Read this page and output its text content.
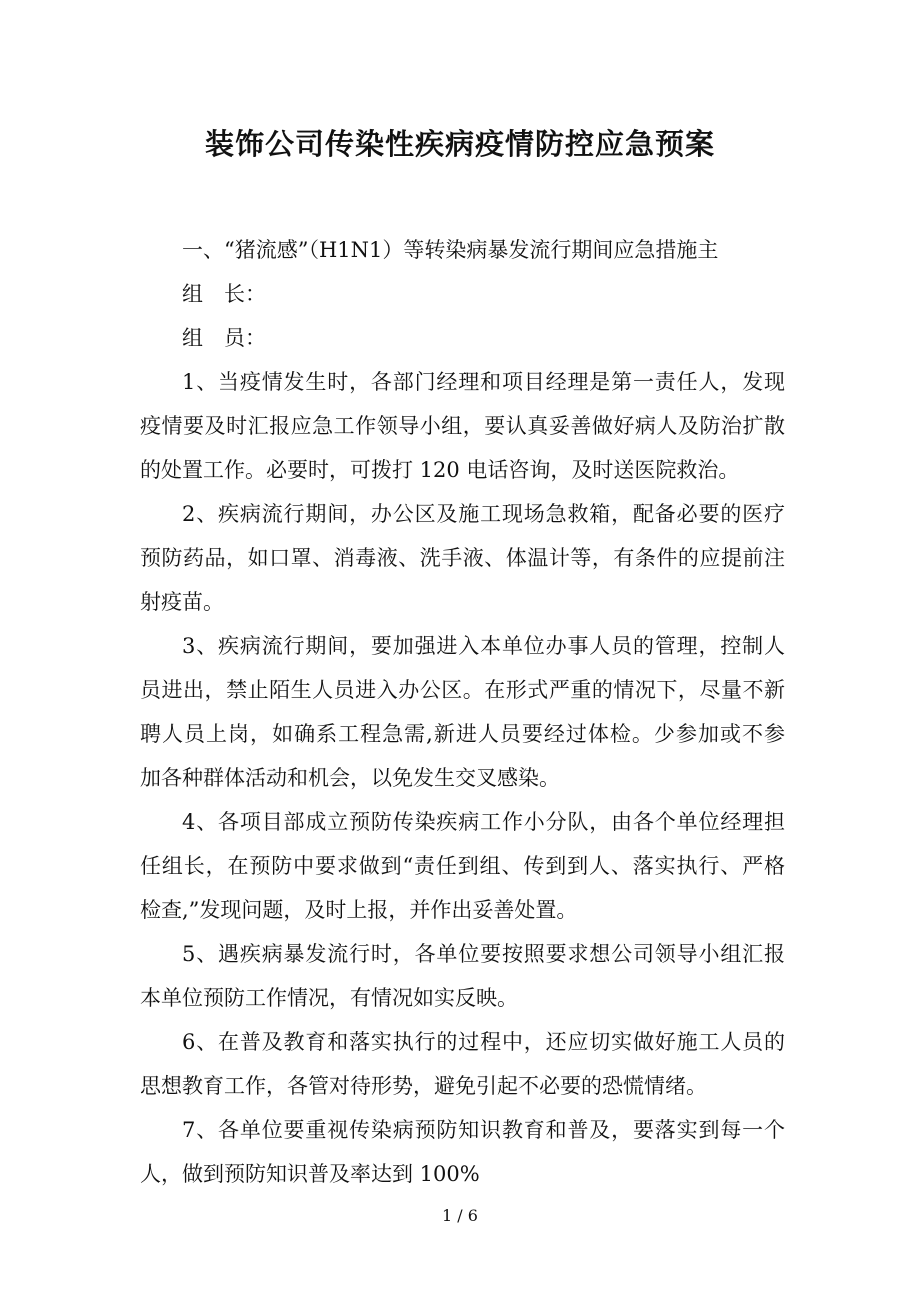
装饰公司传染性疾病疫情防控应急预案
一、“猪流感”（H1N1）等转染病暴发流行期间应急措施主
组　长：
组　员：
1、当疫情发生时，各部门经理和项目经理是第一责任人，发现
疫情要及时汇报应急工作领导小组，要认真妥善做好病人及防治扩散
的处置工作。必要时，可拨打 120 电话咨询，及时送医院救治。
2、疾病流行期间，办公区及施工现场急救箱，配备必要的医疗
预防药品，如口罩、消毒液、洗手液、体温计等，有条件的应提前注
射疫苗。
3、疾病流行期间，要加强进入本单位办事人员的管理，控制人
员进出，禁止陌生人员进入办公区。在形式严重的情况下，尽量不新
聘人员上岗，如确系工程急需,新进人员要经过体检。少参加或不参
加各种群体活动和机会，以免发生交叉感染。
4、各项目部成立预防传染疾病工作小分队，由各个单位经理担
任组长，在预防中要求做到“责任到组、传到到人、落实执行、严格
检查,”发现问题，及时上报，并作出妥善处置。
5、遇疾病暴发流行时，各单位要按照要求想公司领导小组汇报
本单位预防工作情况，有情况如实反映。
6、在普及教育和落实执行的过程中，还应切实做好施工人员的
思想教育工作，各管对待形势，避免引起不必要的恐慌情绪。
7、各单位要重视传染病预防知识教育和普及，要落实到每一个
人，做到预防知识普及率达到 100%
1 / 6
